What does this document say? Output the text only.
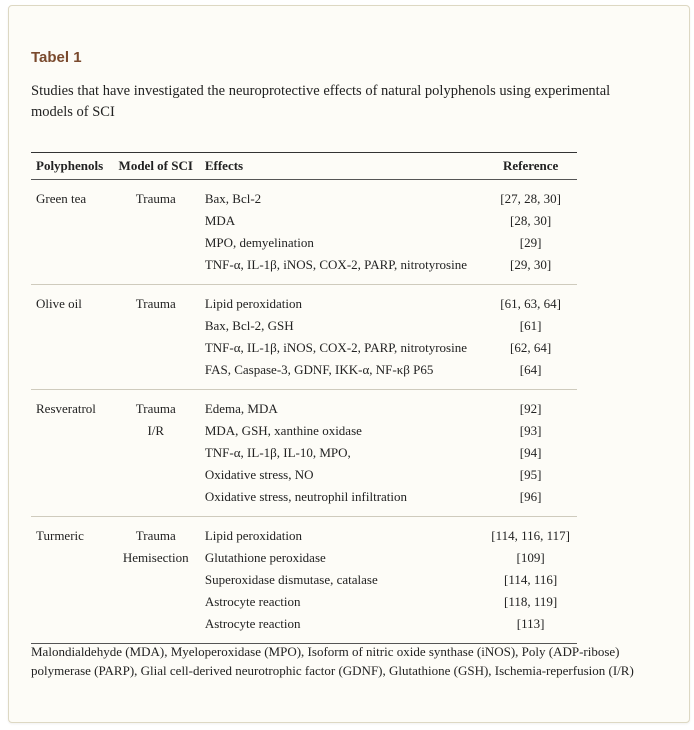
Tabel 1

Studies that have investigated the neuroprotective effects of natural polyphenols using experimental models of SCI

Polyphenols	Model of SCI	Effects	Reference
Green tea	Trauma	Bax, Bcl-2	[27, 28, 30]
		MDA	[28, 30]
		MPO, demyelination	[29]
		TNF-α, IL-1β, iNOS, COX-2, PARP, nitrotyrosine	[29, 30]
Olive oil	Trauma	Lipid peroxidation	[61, 63, 64]
		Bax, Bcl-2, GSH	[61]
		TNF-α, IL-1β, iNOS, COX-2, PARP, nitrotyrosine	[62, 64]
		FAS, Caspase-3, GDNF, IKK-α, NF-κβ P65	[64]
Resveratrol	Trauma	Edema, MDA	[92]
	I/R	MDA, GSH, xanthine oxidase	[93]
		TNF-α, IL-1β, IL-10, MPO,	[94]
		Oxidative stress, NO	[95]
		Oxidative stress, neutrophil infiltration	[96]
Turmeric	Trauma	Lipid peroxidation	[114, 116, 117]
	Hemisection	Glutathione peroxidase	[109]
		Superoxidase dismutase, catalase	[114, 116]
		Astrocyte reaction	[118, 119]
		Astrocyte reaction	[113]

Malondialdehyde (MDA), Myeloperoxidase (MPO), Isoform of nitric oxide synthase (iNOS), Poly (ADP-ribose) polymerase (PARP), Glial cell-derived neurotrophic factor (GDNF), Glutathione (GSH), Ischemia-reperfusion (I/R)
